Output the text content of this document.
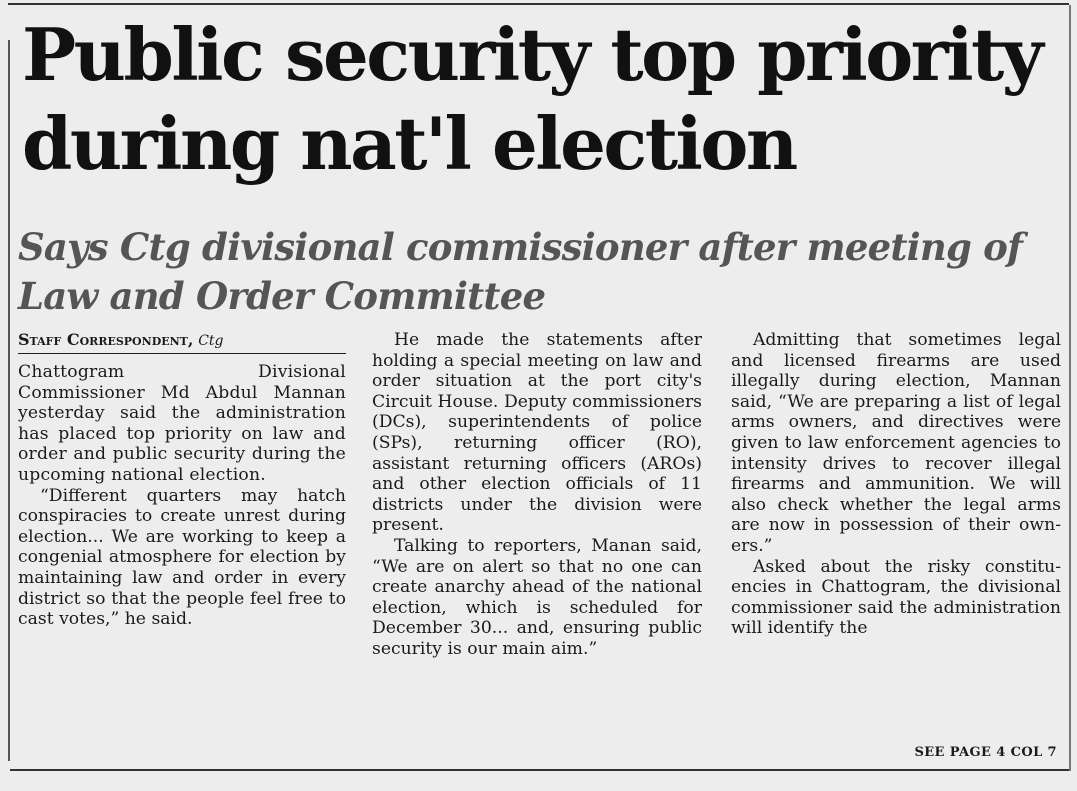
Public security top priority
during nat'l election
Says Ctg divisional commissioner after meeting of
Law and Order Committee
Staff Correspondent, Ctg

Chattogram Divisional Commissioner Md Abdul Mannan yesterday said the administration has placed top priority on law and order and public security during the upcoming national election.

“Different quarters may hatch conspiracies to create unrest during election... We are working to keep a congenial atmosphere for election by maintaining law and order in every district so that the people feel free to cast votes,” he said.

He made the statements after holding a special meeting on law and order situation at the port city's Circuit House. Deputy commissioners (DCs), superintendents of police (SPs), returning officer (RO), assistant returning officers (AROs) and other election officials of 11 districts under the division were present.

Talking to reporters, Manan said, “We are on alert so that no one can create anarchy ahead of the national election, which is scheduled for December 30... and, ensuring public security is our main aim.”

Admitting that sometimes legal and licensed firearms are used illegally during election, Mannan said, “We are preparing a list of legal arms owners, and directives were given to law enforcement agencies to intensity drives to recover illegal firearms and ammunition. We will also check whether the legal arms are now in possession of their owners.”

Asked about the risky constituencies in Chattogram, the divisional commissioner said the administration will identify the

SEE PAGE 4 COL 7
